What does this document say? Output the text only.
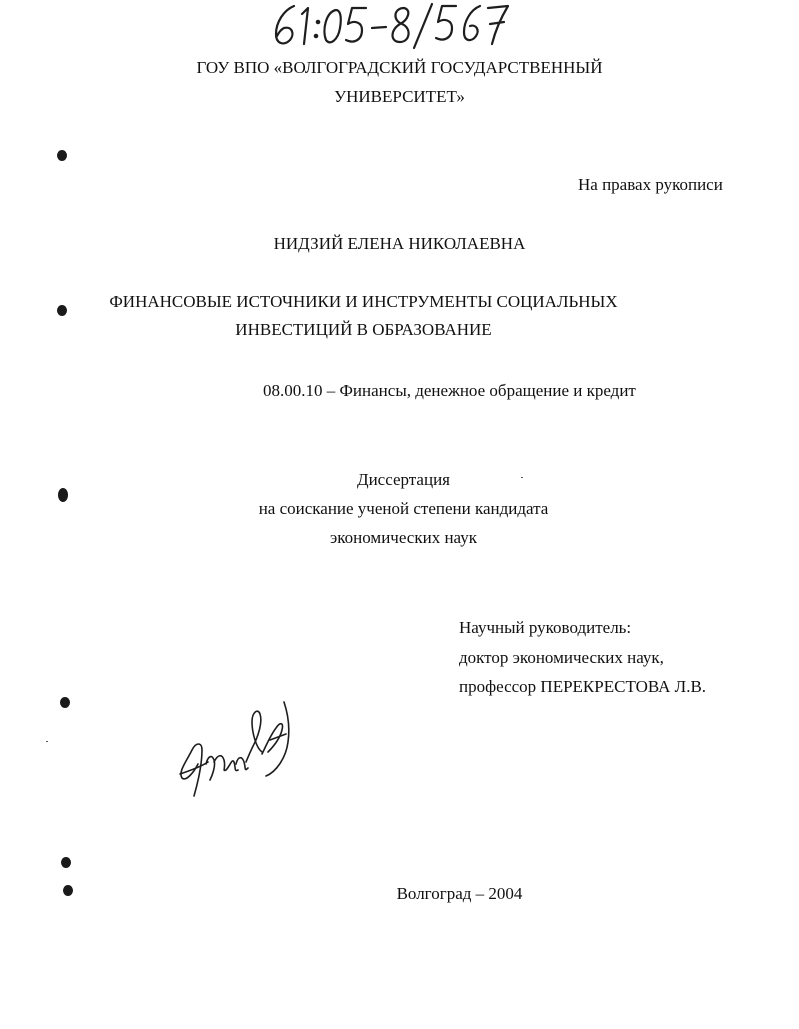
ГОУ ВПО «ВОЛГОГРАДСКИЙ ГОСУДАРСТВЕННЫЙ
УНИВЕРСИТЕТ»
На правах рукописи
НИДЗИЙ ЕЛЕНА НИКОЛАЕВНА
ФИНАНСОВЫЕ ИСТОЧНИКИ И ИНСТРУМЕНТЫ СОЦИАЛЬНЫХ
ИНВЕСТИЦИЙ В ОБРАЗОВАНИЕ
08.00.10 – Финансы, денежное обращение и кредит
Диссертация
на соискание ученой степени кандидата
экономических наук
Научный руководитель:
доктор экономических наук,
профессор ПЕРЕКРЕСТОВА Л.В.
Волгоград – 2004
